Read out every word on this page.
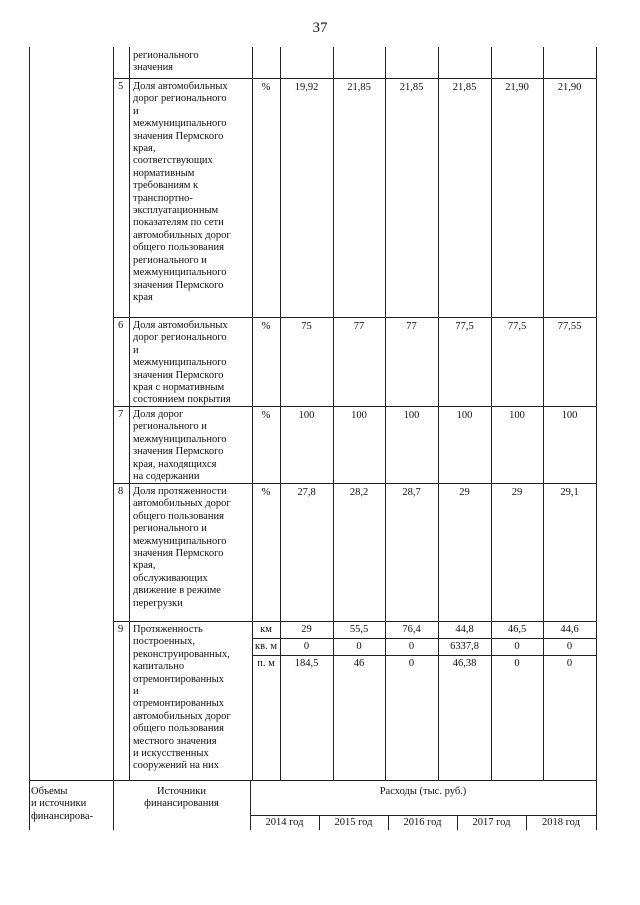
37
регионального
значения
5 Доля автомобильных
дорог регионального
и
межмуниципального
значения Пермского
края,
соответствующих
нормативным
требованиям к
транспортно-
эксплуатационным
показателям по сети
автомобильных дорог
общего пользования
регионального и
межмуниципального
значения Пермского
края
%	19,92	21,85	21,85	21,85	21,90	21,90
6 Доля автомобильных
дорог регионального
и
межмуниципального
значения Пермского
края с нормативным
состоянием покрытия
%	75	77	77	77,5	77,5	77,55
7 Доля дорог
регионального и
межмуниципального
значения Пермского
края, находящихся
на содержании
%	100	100	100	100	100	100
8 Доля протяженности
автомобильных дорог
общего пользования
регионального и
межмуниципального
значения Пермского
края,
обслуживающих
движение в режиме
перегрузки
%	27,8	28,2	28,7	29	29	29,1
9 Протяженность
построенных,
реконструированных,
капитально
отремонтированных
и
отремонтированных
автомобильных дорог
общего пользования
местного значения
и искусственных
сооружений на них
км	29	55,5	76,4	44,8	46,5	44,6
кв. м	0	0	0	6337,8	0	0
п. м	184,5	46	0	46,38	0	0
Объемы
и источники
финансирова-
Источники
финансирования
Расходы (тыс. руб.)
2014 год	2015 год	2016 год	2017 год	2018 год
